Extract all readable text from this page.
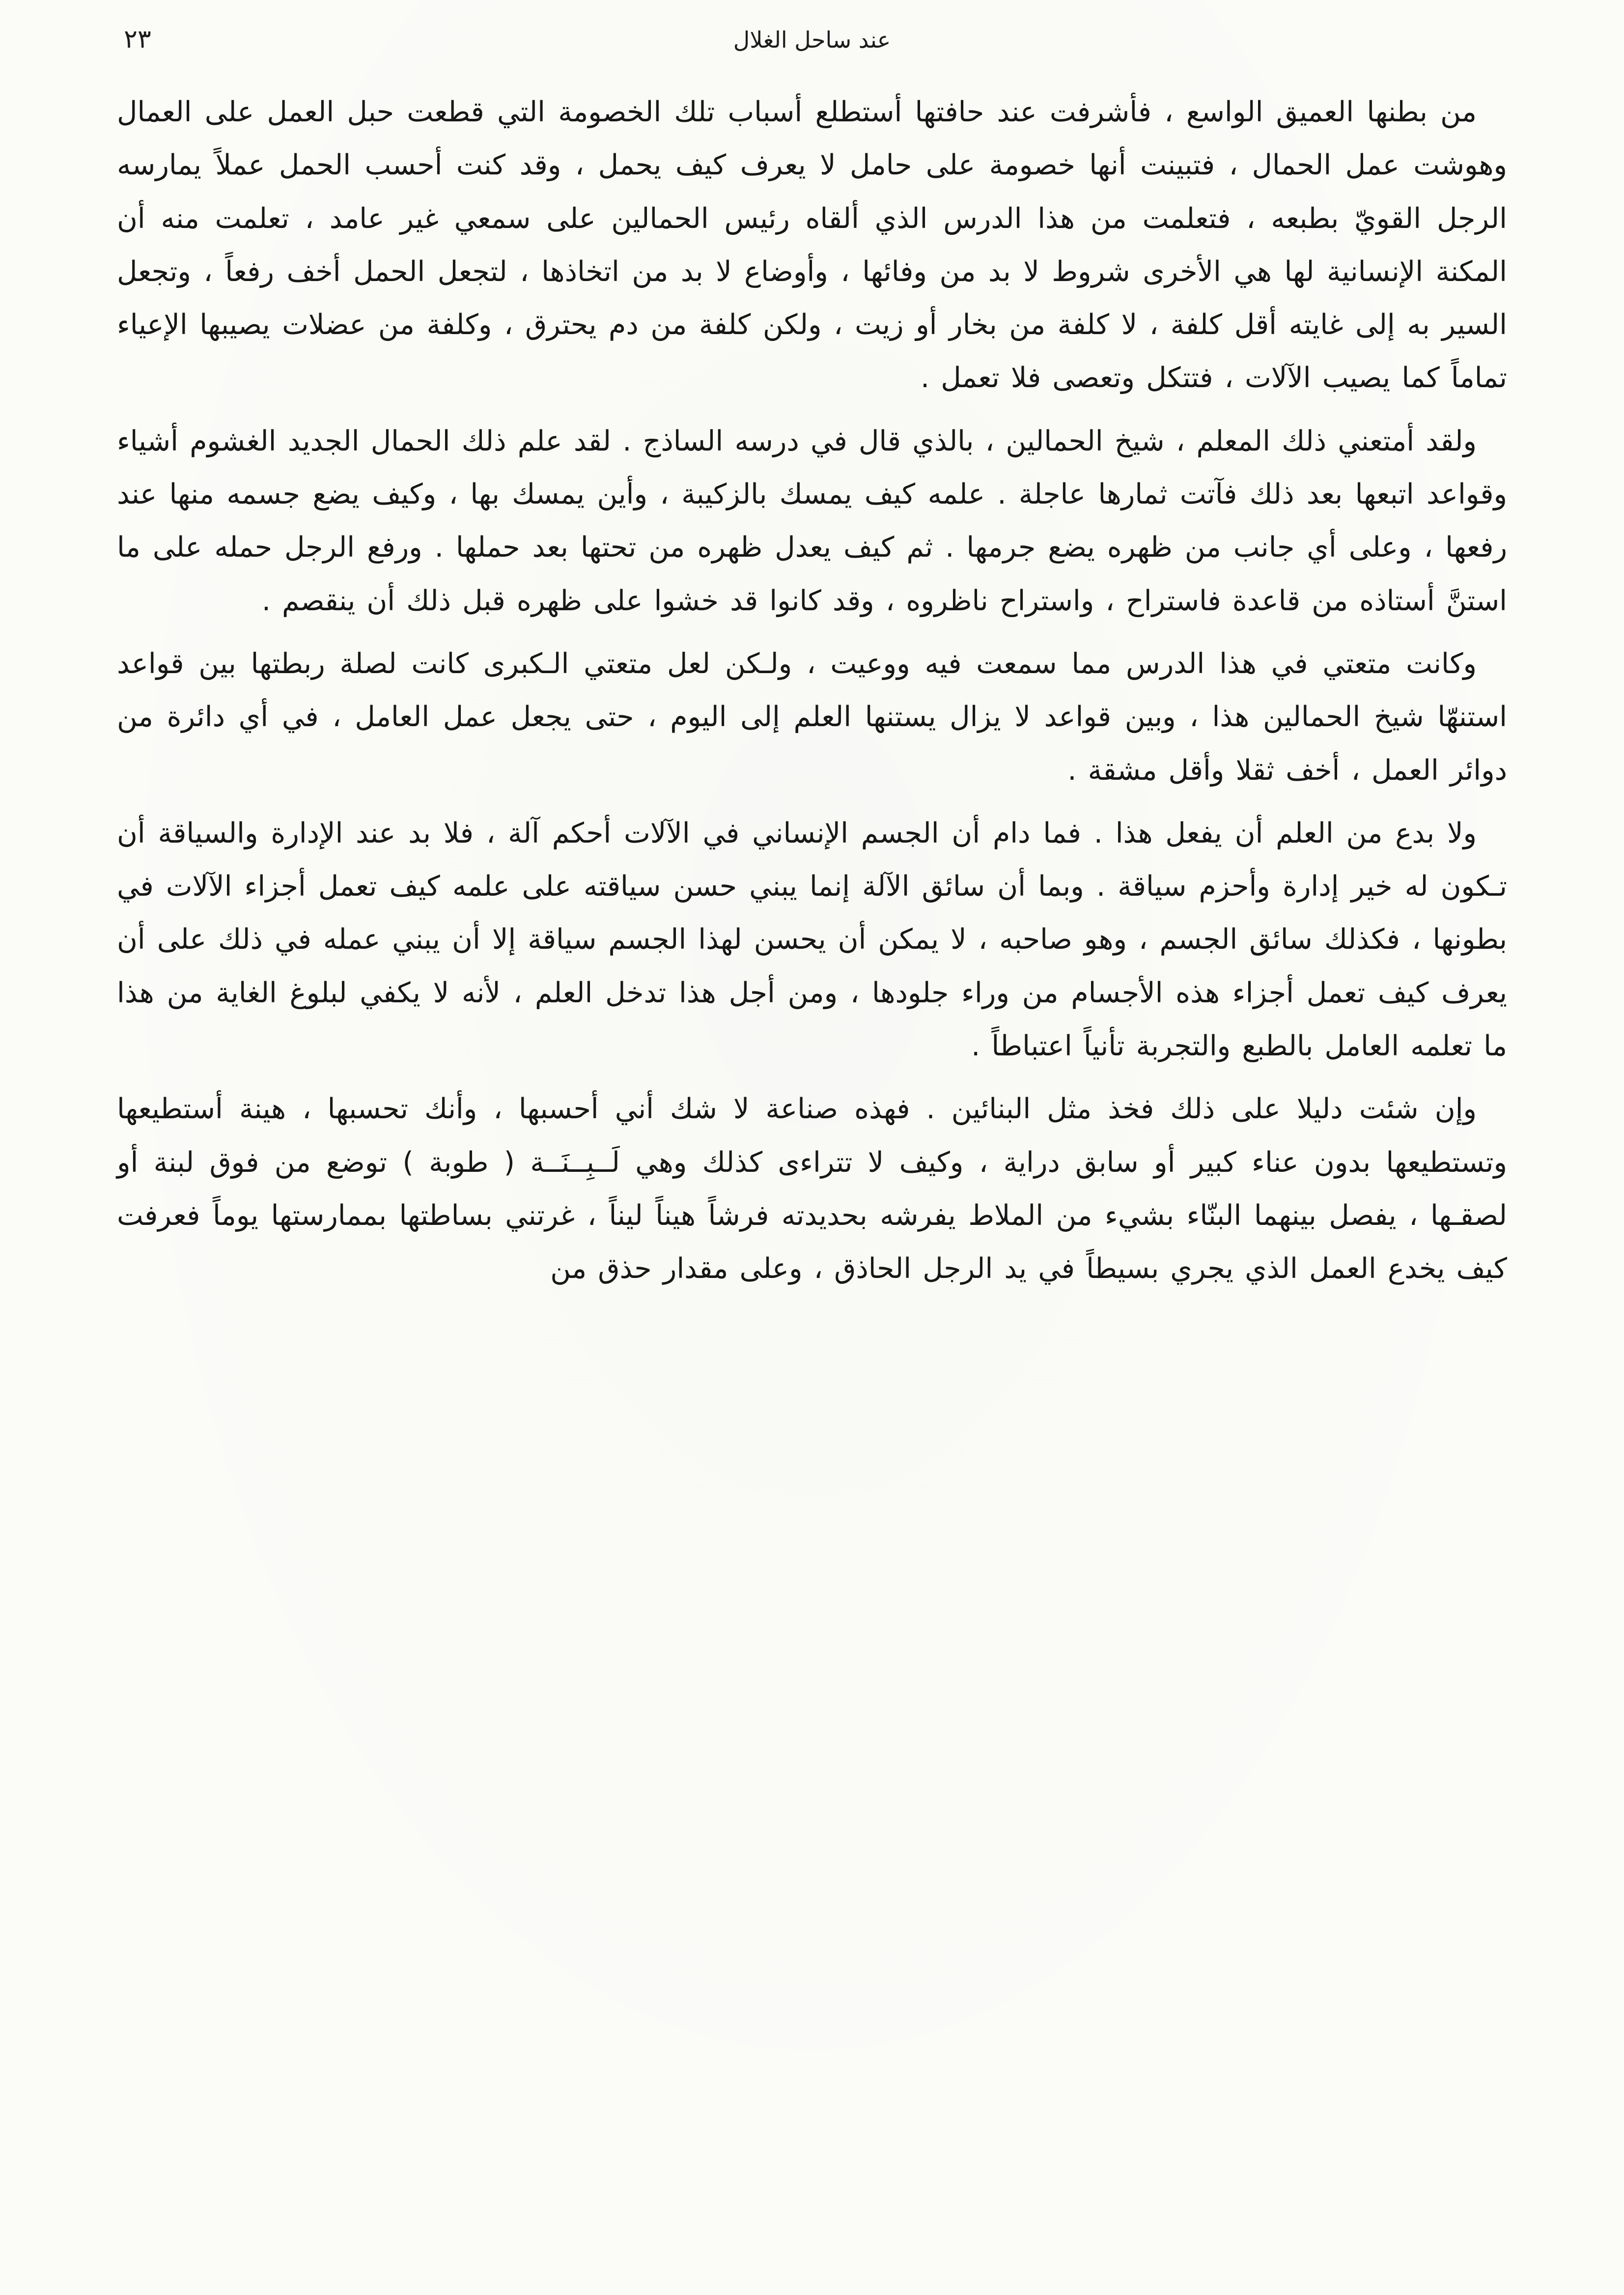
٢٣	عند ساحل الغلال

من بطنها العميق الواسع ، فأشرفت عند حافتها أستطلع أسباب تلك الخصومة التي قطعت حبل العمل على العمال وهوشت عمل الحمال ، فتبينت أنها خصومة على حامل لا يعرف كيف يحمل ، وقد كنت أحسب الحمل عملاً يمارسه الرجل القويّ بطبعه ، فتعلمت من هذا الدرس الذي ألقاه رئيس الحمالين على سمعي غير عامد ، تعلمت منه أن المكنة الإنسانية لها هي الأخرى شروط لا بد من وفائها ، وأوضاع لا بد من اتخاذها ، لتجعل الحمل أخف رفعاً ، وتجعل السير به إلى غايته أقل كلفة ، لا كلفة من بخار أو زيت ، ولكن كلفة من دم يحترق ، وكلفة من عضلات يصيبها الإعياء تماماً كما يصيب الآلات ، فتتكل وتعصى فلا تعمل .

ولقد أمتعني ذلك المعلم ، شيخ الحمالين ، بالذي قال في درسه الساذج . لقد علم ذلك الحمال الجديد الغشوم أشياء وقواعد اتبعها بعد ذلك فآتت ثمارها عاجلة . علمه كيف يمسك بالزكيبة ، وأين يمسك بها ، وكيف يضع جسمه منها عند رفعها ، وعلى أي جانب من ظهره يضع جرمها . ثم كيف يعدل ظهره من تحتها بعد حملها . ورفع الرجل حمله على ما استنَّ أستاذه من قاعدة فاستراح ، واستراح ناظروه ، وقد كانوا قد خشوا على ظهره قبل ذلك أن ينقصم .

وكانت متعتي في هذا الدرس مما سمعت فيه ووعيت ، ولـكن لعل متعتي الـكبرى كانت لصلة ربطتها بين قواعد استنهّا شيخ الحمالين هذا ، وبين قواعد لا يزال يستنها العلم إلى اليوم ، حتى يجعل عمل العامل ، في أي دائرة من دوائر العمل ، أخف ثقلا وأقل مشقة .

ولا بدع من العلم أن يفعل هذا . فما دام أن الجسم الإنساني في الآلات أحكم آلة ، فلا بد عند الإدارة والسياقة أن تـكون له خير إدارة وأحزم سياقة . وبما أن سائق الآلة إنما يبني حسن سياقته على علمه كيف تعمل أجزاء الآلات في بطونها ، فكذلك سائق الجسم ، وهو صاحبه ، لا يمكن أن يحسن لهذا الجسم سياقة إلا أن يبني عمله في ذلك على أن يعرف كيف تعمل أجزاء هذه الأجسام من وراء جلودها ، ومن أجل هذا تدخل العلم ، لأنه لا يكفي لبلوغ الغاية من هذا ما تعلمه العامل بالطبع والتجربة تأنياً اعتباطاً .

وإن شئت دليلا على ذلك فخذ مثل البنائين . فهذه صناعة لا شك أني أحسبها ، وأنك تحسبها ، هينة أستطيعها وتستطيعها بدون عناء كبير أو سابق دراية ، وكيف لا تتراءى كذلك وهي لَــبِــنَــة ( طوبة ) توضع من فوق لبنة أو لصقـها ، يفصل بينهما البنّاء بشيء من الملاط يفرشه بحديدته فرشاً هيناً ليناً ، غرتني بساطتها بممارستها يوماً فعرفت كيف يخدع العمل الذي يجري بسيطاً في يد الرجل الحاذق ، وعلى مقدار حذق من
